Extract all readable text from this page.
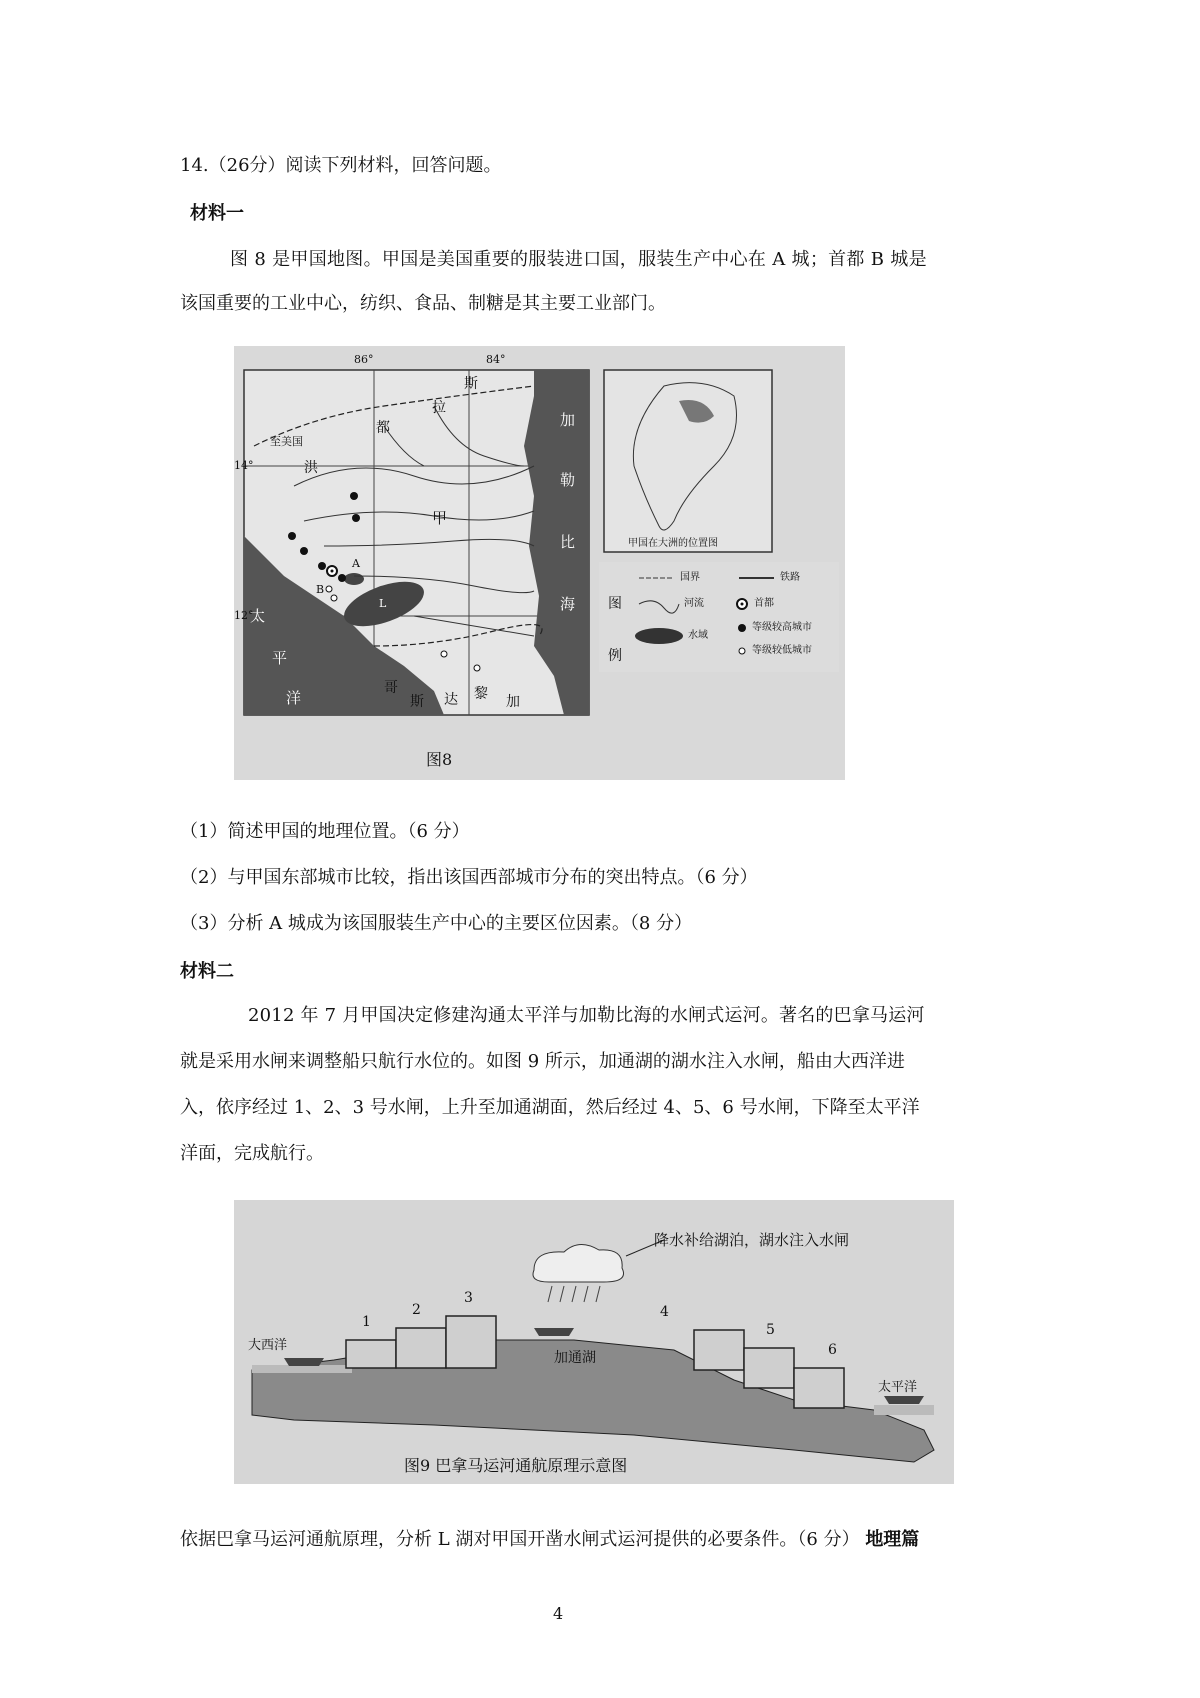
14.（26分）阅读下列材料，回答问题。
材料一
图 8 是甲国地图。甲国是美国重要的服装进口国，服装生产中心在 A 城；首都 B 城是
该国重要的工业中心，纺织、食品、制糖是其主要工业部门。
86°	84°
14°
12°
至美国
洪
都
拉
斯
加
勒
比
海
甲
B
A
L
太
平
洋
哥
斯 达 黎 加
甲国在大洲的位置图
图
例
国界	铁路
河流	首都
水域
等级较高城市
等级较低城市
图8
（1）简述甲国的地理位置。（6 分）
（2）与甲国东部城市比较，指出该国西部城市分布的突出特点。（6 分）
（3）分析 A 城成为该国服装生产中心的主要区位因素。（8 分）
材料二
2012 年 7 月甲国决定修建沟通太平洋与加勒比海的水闸式运河。著名的巴拿马运河
就是采用水闸来调整船只航行水位的。如图 9 所示，加通湖的湖水注入水闸，船由大西洋进
入，依序经过 1、2、3 号水闸，上升至加通湖面，然后经过 4、5、6 号水闸，下降至太平洋
洋面，完成航行。
降水补给湖泊，湖水注入水闸
大西洋
太平洋
加通湖
1
2
3
4
5
6
图9 巴拿马运河通航原理示意图
依据巴拿马运河通航原理，分析 L 湖对甲国开凿水闸式运河提供的必要条件。（6 分） 地理篇
4
